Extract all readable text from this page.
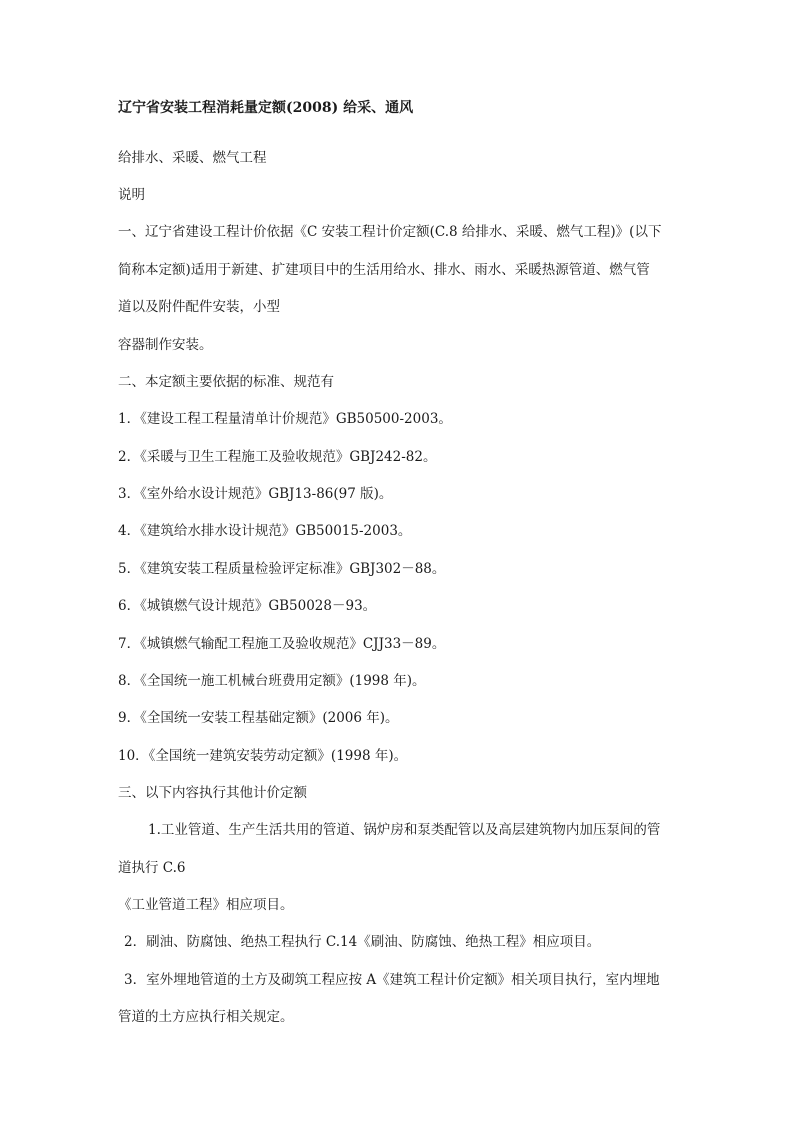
辽宁省安装工程消耗量定额(2008) 给采、通风
给排水、采暖、燃气工程
说明
一、辽宁省建设工程计价依据《C 安装工程计价定额(C.8 给排水、采暖、燃气工程)》(以下
简称本定额)适用于新建、扩建项目中的生活用给水、排水、雨水、采暖热源管道、燃气管
道以及附件配件安装，小型
容器制作安装。
二、本定额主要依据的标准、规范有
1．《建设工程工程量清单计价规范》GB50500-2003。
2．《采暖与卫生工程施工及验收规范》GBJ242-82。
3．《室外给水设计规范》GBJ13-86(97 版)。
4．《建筑给水排水设计规范》GB50015-2003。
5．《建筑安装工程质量检验评定标准》GBJ302－88。
6．《城镇燃气设计规范》GB50028－93。
7．《城镇燃气输配工程施工及验收规范》CJJ33－89。
8．《全国统一施工机械台班费用定额》(1998 年)。
9．《全国统一安装工程基础定额》(2006 年)。
10．《全国统一建筑安装劳动定额》(1998 年)。
三、以下内容执行其他计价定额
1.工业管道、生产生活共用的管道、锅炉房和泵类配管以及高层建筑物内加压泵间的管
道执行 C.6
《工业管道工程》相应项目。
2．刷油、防腐蚀、绝热工程执行 C.14《刷油、防腐蚀、绝热工程》相应项目。
3．室外埋地管道的土方及砌筑工程应按 A《建筑工程计价定额》相关项目执行，室内埋地
管道的土方应执行相关规定。
